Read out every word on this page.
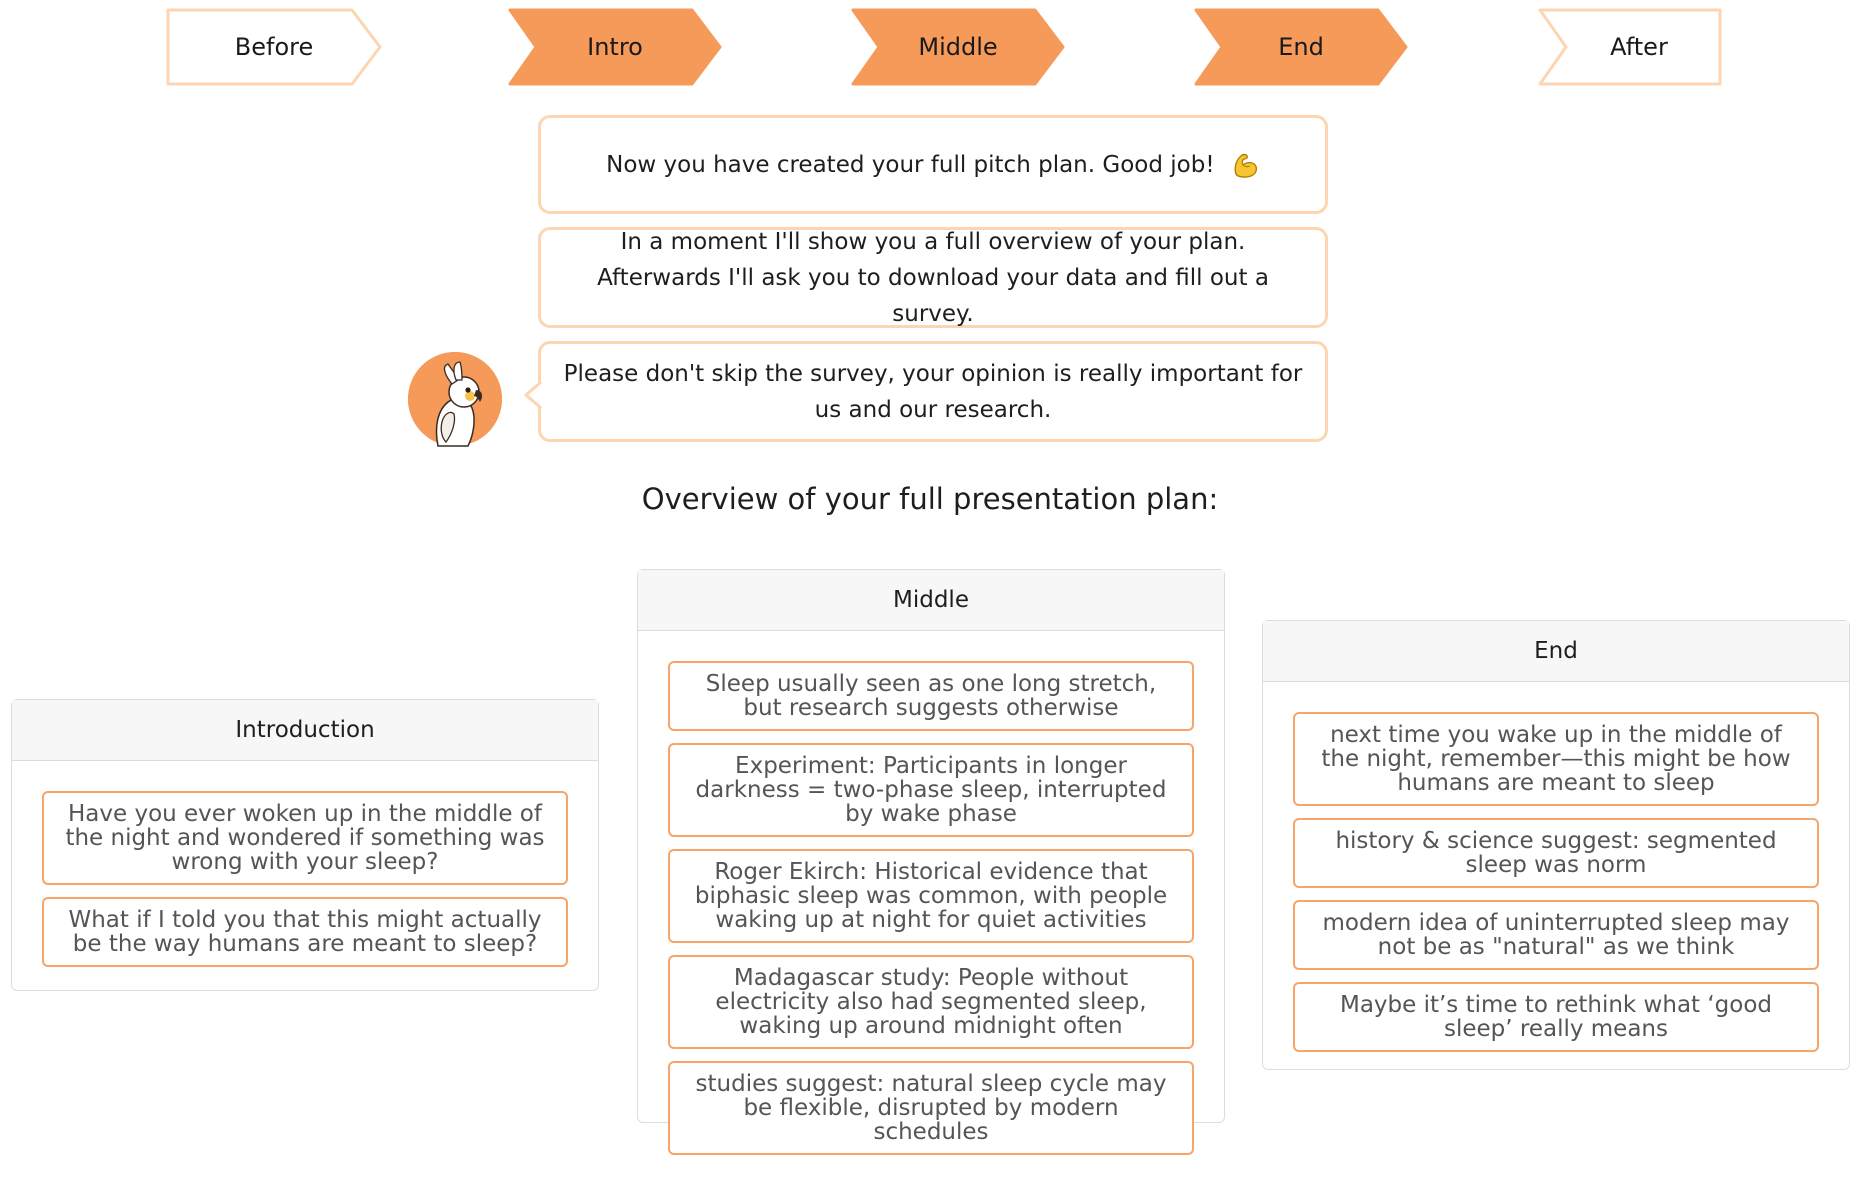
Before	Intro	Middle	End	After
Now you have created your full pitch plan. Good job!
In a moment I'll show you a full overview of your plan. Afterwards I'll ask you to download your data and fill out a survey.
Please don't skip the survey, your opinion is really important for us and our research.
Overview of your full presentation plan:
Introduction
Have you ever woken up in the middle of the night and wondered if something was wrong with your sleep?
What if I told you that this might actually be the way humans are meant to sleep?
Middle
Sleep usually seen as one long stretch, but research suggests otherwise
Experiment: Participants in longer darkness = two-phase sleep, interrupted by wake phase
Roger Ekirch: Historical evidence that biphasic sleep was common, with people waking up at night for quiet activities
Madagascar study: People without electricity also had segmented sleep, waking up around midnight often
studies suggest: natural sleep cycle may be flexible, disrupted by modern schedules
End
next time you wake up in the middle of the night, remember—this might be how humans are meant to sleep
history & science suggest: segmented sleep was norm
modern idea of uninterrupted sleep may not be as "natural" as we think
Maybe it’s time to rethink what ‘good sleep’ really means
